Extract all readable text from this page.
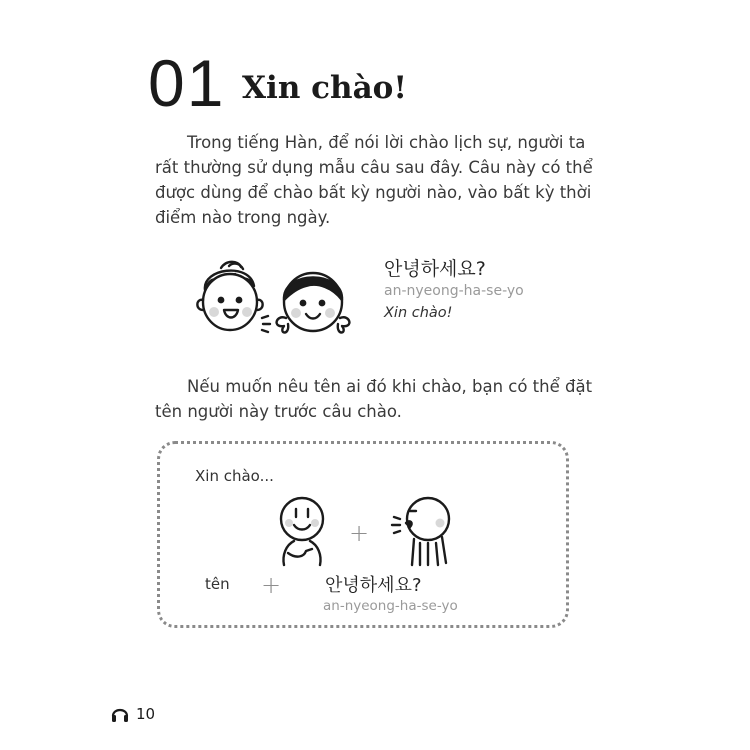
01 Xin chào!

Trong tiếng Hàn, để nói lời chào lịch sự, người ta rất thường sử dụng mẫu câu sau đây. Câu này có thể được dùng để chào bất kỳ người nào, vào bất kỳ thời điểm nào trong ngày.

안녕하세요?
an-nyeong-ha-se-yo
Xin chào!

Nếu muốn nêu tên ai đó khi chào, bạn có thể đặt tên người này trước câu chào.

Xin chào...
+
tên + 안녕하세요?
an-nyeong-ha-se-yo
10
